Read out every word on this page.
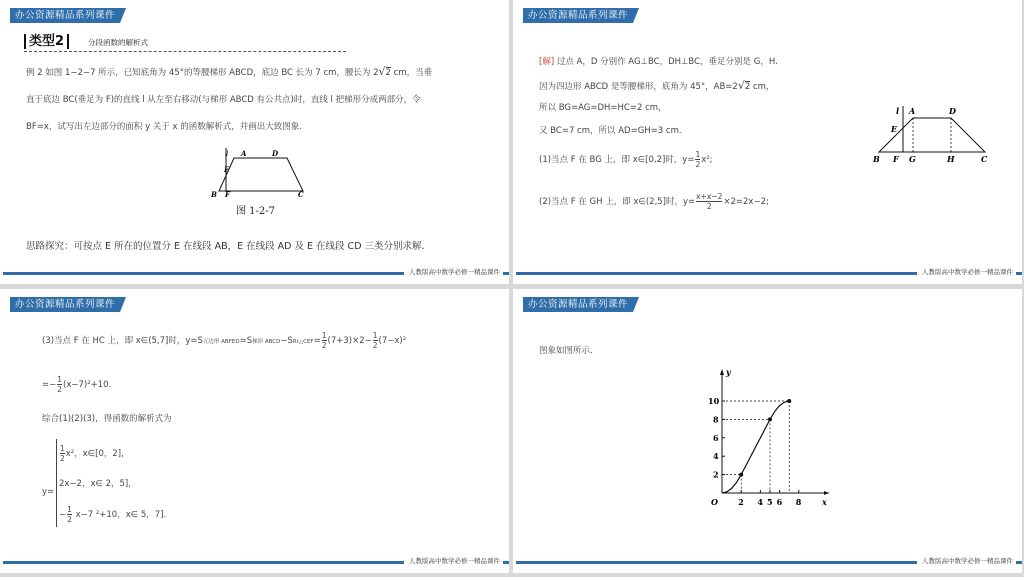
办公资源精品系列课件
类型2	分段函数的解析式
例 2 如图 1−2−7 所示，已知底角为 45°的等腰梯形 ABCD，底边 BC 长为 7 cm，腰长为 2√2 cm，当垂
直于底边 BC(垂足为 F)的直线 l 从左至右移动(与梯形 ABCD 有公共点)时，直线 l 把梯形分成两部分，令
BF=x，试写出左边部分的面积 y 关于 x 的函数解析式，并画出大致图象.
l A	D
E
B F	C
图 1-2-7
思路探究：可按点 E 所在的位置分 E 在线段 AB，E 在线段 AD 及 E 在线段 CD 三类分别求解.
人教版高中数学必修一精品课件
办公资源精品系列课件
[解] 过点 A，D 分别作 AG⊥BC，DH⊥BC，垂足分别是 G，H.
因为四边形 ABCD 是等腰梯形，底角为 45°，AB=2√2 cm，
所以 BG=AG=DH=HC=2 cm，
又 BC=7 cm，所以 AD=GH=3 cm.
(1)当点 F 在 BG 上，即 x∈[0,2]时，$y= \frac{1}{2} x^2$;
(2)当点 F 在 GH 上，即 x∈(2,5]时，$y= \frac{x+x-2}{2} \times 2=2x-2$;
l A	D
E
B F G	H	C
人教版高中数学必修一精品课件
办公资源精品系列课件
(3)当点 F 在 HC 上，即 x∈(5,7]时，y=S五边形 ABFED=S梯形 ABCD−SRt△CEF= $\frac{1}{2} (7+3)\times 2- \frac{1}{2} (7-x)^2$
=− $\frac{1}{2} (x-7)^2+10$.
综合(1)(2)(3)，得函数的解析式为
y=
$\frac{1}{2} x^2$，x∈[0，2]，
2x−2，x∈ 2，5]，
− $\frac{1}{2} x-7$ ²+10，x∈ 5，7].
人教版高中数学必修一精品课件
办公资源精品系列课件
图象如图所示.
y
x
O	2 4 5 6 8
2
4
6
8
10
人教版高中数学必修一精品课件
